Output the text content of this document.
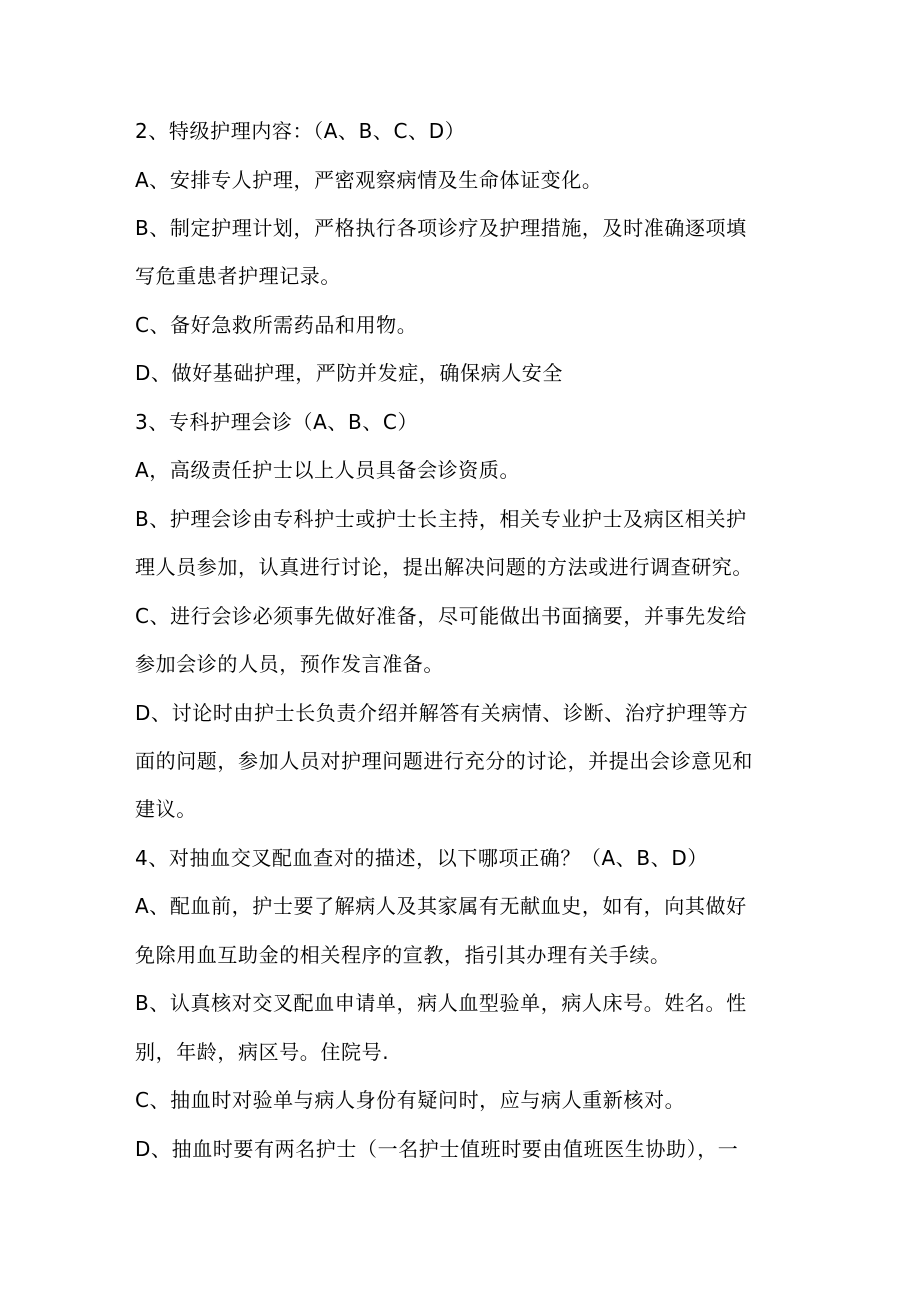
2、特级护理内容：（A、B、C、D）
A、安排专人护理，严密观察病情及生命体证变化。
B、制定护理计划，严格执行各项诊疗及护理措施，及时准确逐项填
写危重患者护理记录。
C、备好急救所需药品和用物。
D、做好基础护理，严防并发症，确保病人安全
3、专科护理会诊（A、B、C）
A，高级责任护士以上人员具备会诊资质。
B、护理会诊由专科护士或护士长主持，相关专业护士及病区相关护
理人员参加，认真进行讨论，提出解决问题的方法或进行调查研究。
C、进行会诊必须事先做好准备，尽可能做出书面摘要，并事先发给
参加会诊的人员，预作发言准备。
D、讨论时由护士长负责介绍并解答有关病情、诊断、治疗护理等方
面的问题，参加人员对护理问题进行充分的讨论，并提出会诊意见和
建议。
4、对抽血交叉配血查对的描述，以下哪项正确？（A、B、D）
A、配血前，护士要了解病人及其家属有无献血史，如有，向其做好
免除用血互助金的相关程序的宣教，指引其办理有关手续。
B、认真核对交叉配血申请单，病人血型验单，病人床号。姓名。性
别，年龄，病区号。住院号.
C、抽血时对验单与病人身份有疑问时，应与病人重新核对。
D、抽血时要有两名护士（一名护士值班时要由值班医生协助），一
